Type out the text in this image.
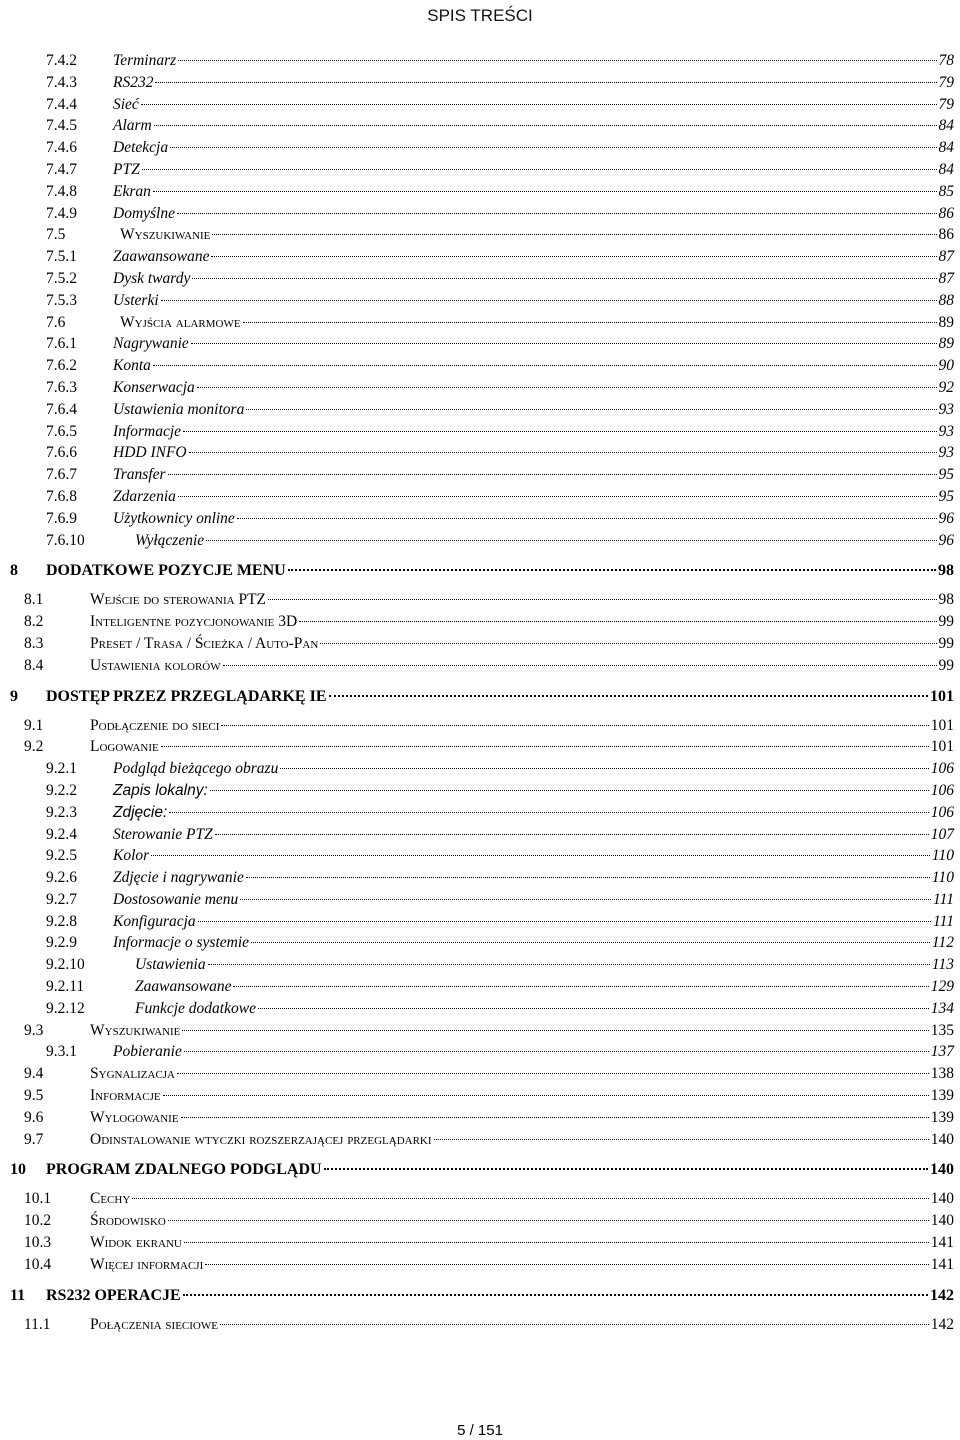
SPIS TREŚCI
7.4.2 Terminarz	78
7.4.3 RS232	79
7.4.4 Sieć	79
7.4.5 Alarm	84
7.4.6 Detekcja	84
7.4.7 PTZ	84
7.4.8 Ekran	85
7.4.9 Domyślne	86
7.5	Wyszukiwanie	86
7.5.1 Zaawansowane	87
7.5.2 Dysk twardy	87
7.5.3 Usterki	88
7.6	Wyjścia alarmowe	89
7.6.1 Nagrywanie	89
7.6.2 Konta	90
7.6.3 Konserwacja	92
7.6.4 Ustawienia monitora	93
7.6.5 Informacje	93
7.6.6 HDD INFO	93
7.6.7 Transfer	95
7.6.8 Zdarzenia	95
7.6.9 Użytkownicy online	96
7.6.10	Wyłączenie	96
8 DODATKOWE POZYCJE MENU	98
8.1	Wejście do sterowania PTZ	98
8.2	Inteligentne pozycjonowanie 3D	99
8.3	Preset / Trasa / Ścieżka / Auto-Pan	99
8.4	Ustawienia kolorów	99
9 DOSTĘP PRZEZ PRZEGLĄDARKĘ IE	101
9.1	Podłączenie do sieci	101
9.2	Logowanie	101
9.2.1 Podgląd bieżącego obrazu	106
9.2.2 Zapis lokalny:	106
9.2.3 Zdjęcie:	106
9.2.4 Sterowanie PTZ	107
9.2.5 Kolor	110
9.2.6 Zdjęcie i nagrywanie	110
9.2.7 Dostosowanie menu	111
9.2.8 Konfiguracja	111
9.2.9 Informacje o systemie	112
9.2.10	Ustawienia	113
9.2.11	Zaawansowane	129
9.2.12	Funkcje dodatkowe	134
9.3	Wyszukiwanie	135
9.3.1 Pobieranie	137
9.4	Sygnalizacja	138
9.5	Informacje	139
9.6	Wylogowanie	139
9.7	Odinstalowanie wtyczki rozszerzającej przeglądarki	140
10 PROGRAM ZDALNEGO PODGLĄDU	140
10.1	Cechy	140
10.2	Środowisko	140
10.3	Widok ekranu	141
10.4	Więcej informacji	141
11 RS232 OPERACJE	142
11.1	Połączenia sieciowe	142
5 / 151
